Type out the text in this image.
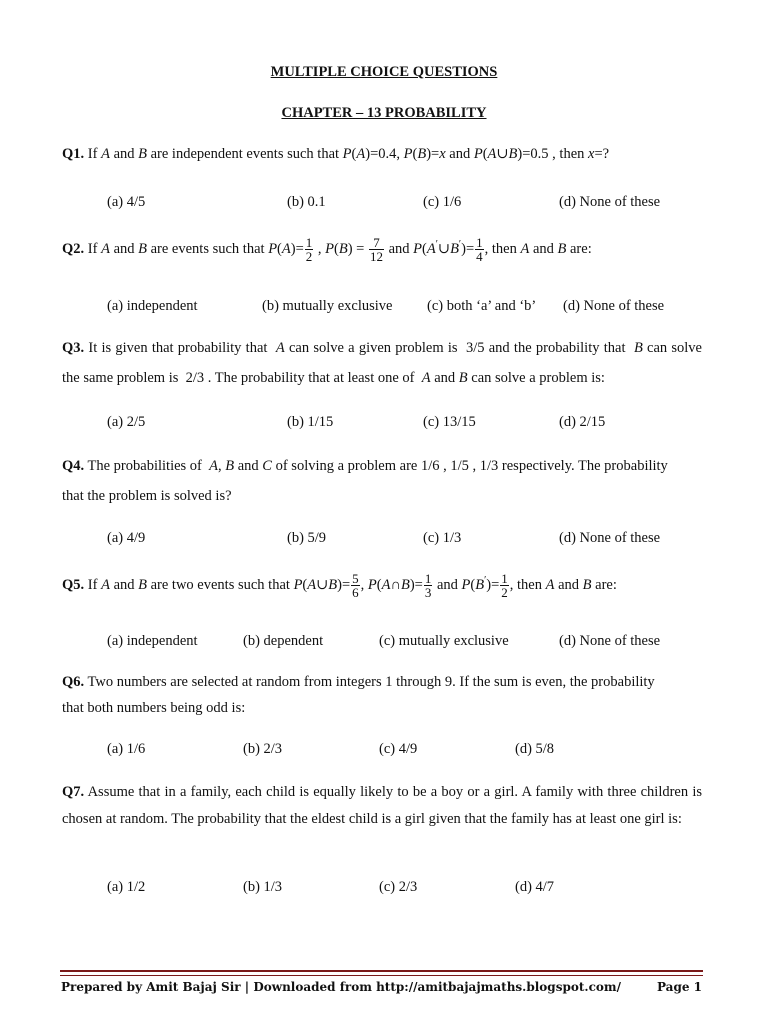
MULTIPLE CHOICE QUESTIONS
CHAPTER – 13 PROBABILITY
Q1. If A and B are independent events such that P(A)=0.4, P(B)=x and P(A∪B)=0.5 , then x=?
(a) 4/5	(b) 0.1	(c) 1/6	(d) None of these
Q2. If A and B are events such that $P(A)= \frac{1}{2}$ , $P(B) = \frac{7}{12}$ and P(A′∪B′)= $\frac{1}{4}$ , then A and B are:
(a) independent	(b) mutually exclusive (c) both ‘a’ and ‘b’ (d) None of these
Q3. It is given that probability that  A can solve a given problem is  3/5 and the probability that  B can solve the same problem is  2/3 . The probability that at least one of  A and B can solve a problem is:
(a) 2/5	(b) 1/15	(c) 13/15	(d) 2/15
Q4. The probabilities of  A, B and C of solving a problem are 1/6 , 1/5 , 1/3 respectively. The probability
that the problem is solved is?
(a) 4/9	(b) 5/9	(c) 1/3	(d) None of these
Q5. If A and B are two events such that P(A∪B)= $\frac{5}{6}$ , P(A∩B)= $\frac{1}{3}$ and $P(B')= \frac{1}{2}$ , then A and B are:
(a) independent	(b) dependent	(c) mutually exclusive	(d) None of these
Q6. Two numbers are selected at random from integers 1 through 9. If the sum is even, the probability
that both numbers being odd is:
(a) 1/6	(b) 2/3	(c) 4/9	(d) 5/8
Q7. Assume that in a family, each child is equally likely to be a boy or a girl. A family with three children is chosen at random. The probability that the eldest child is a girl given that the family has at least one girl is:
(a) 1/2	(b) 1/3	(c) 2/3	(d) 4/7
Prepared by Amit Bajaj Sir | Downloaded from http://amitbajajmaths.blogspot.com/	Page 1
